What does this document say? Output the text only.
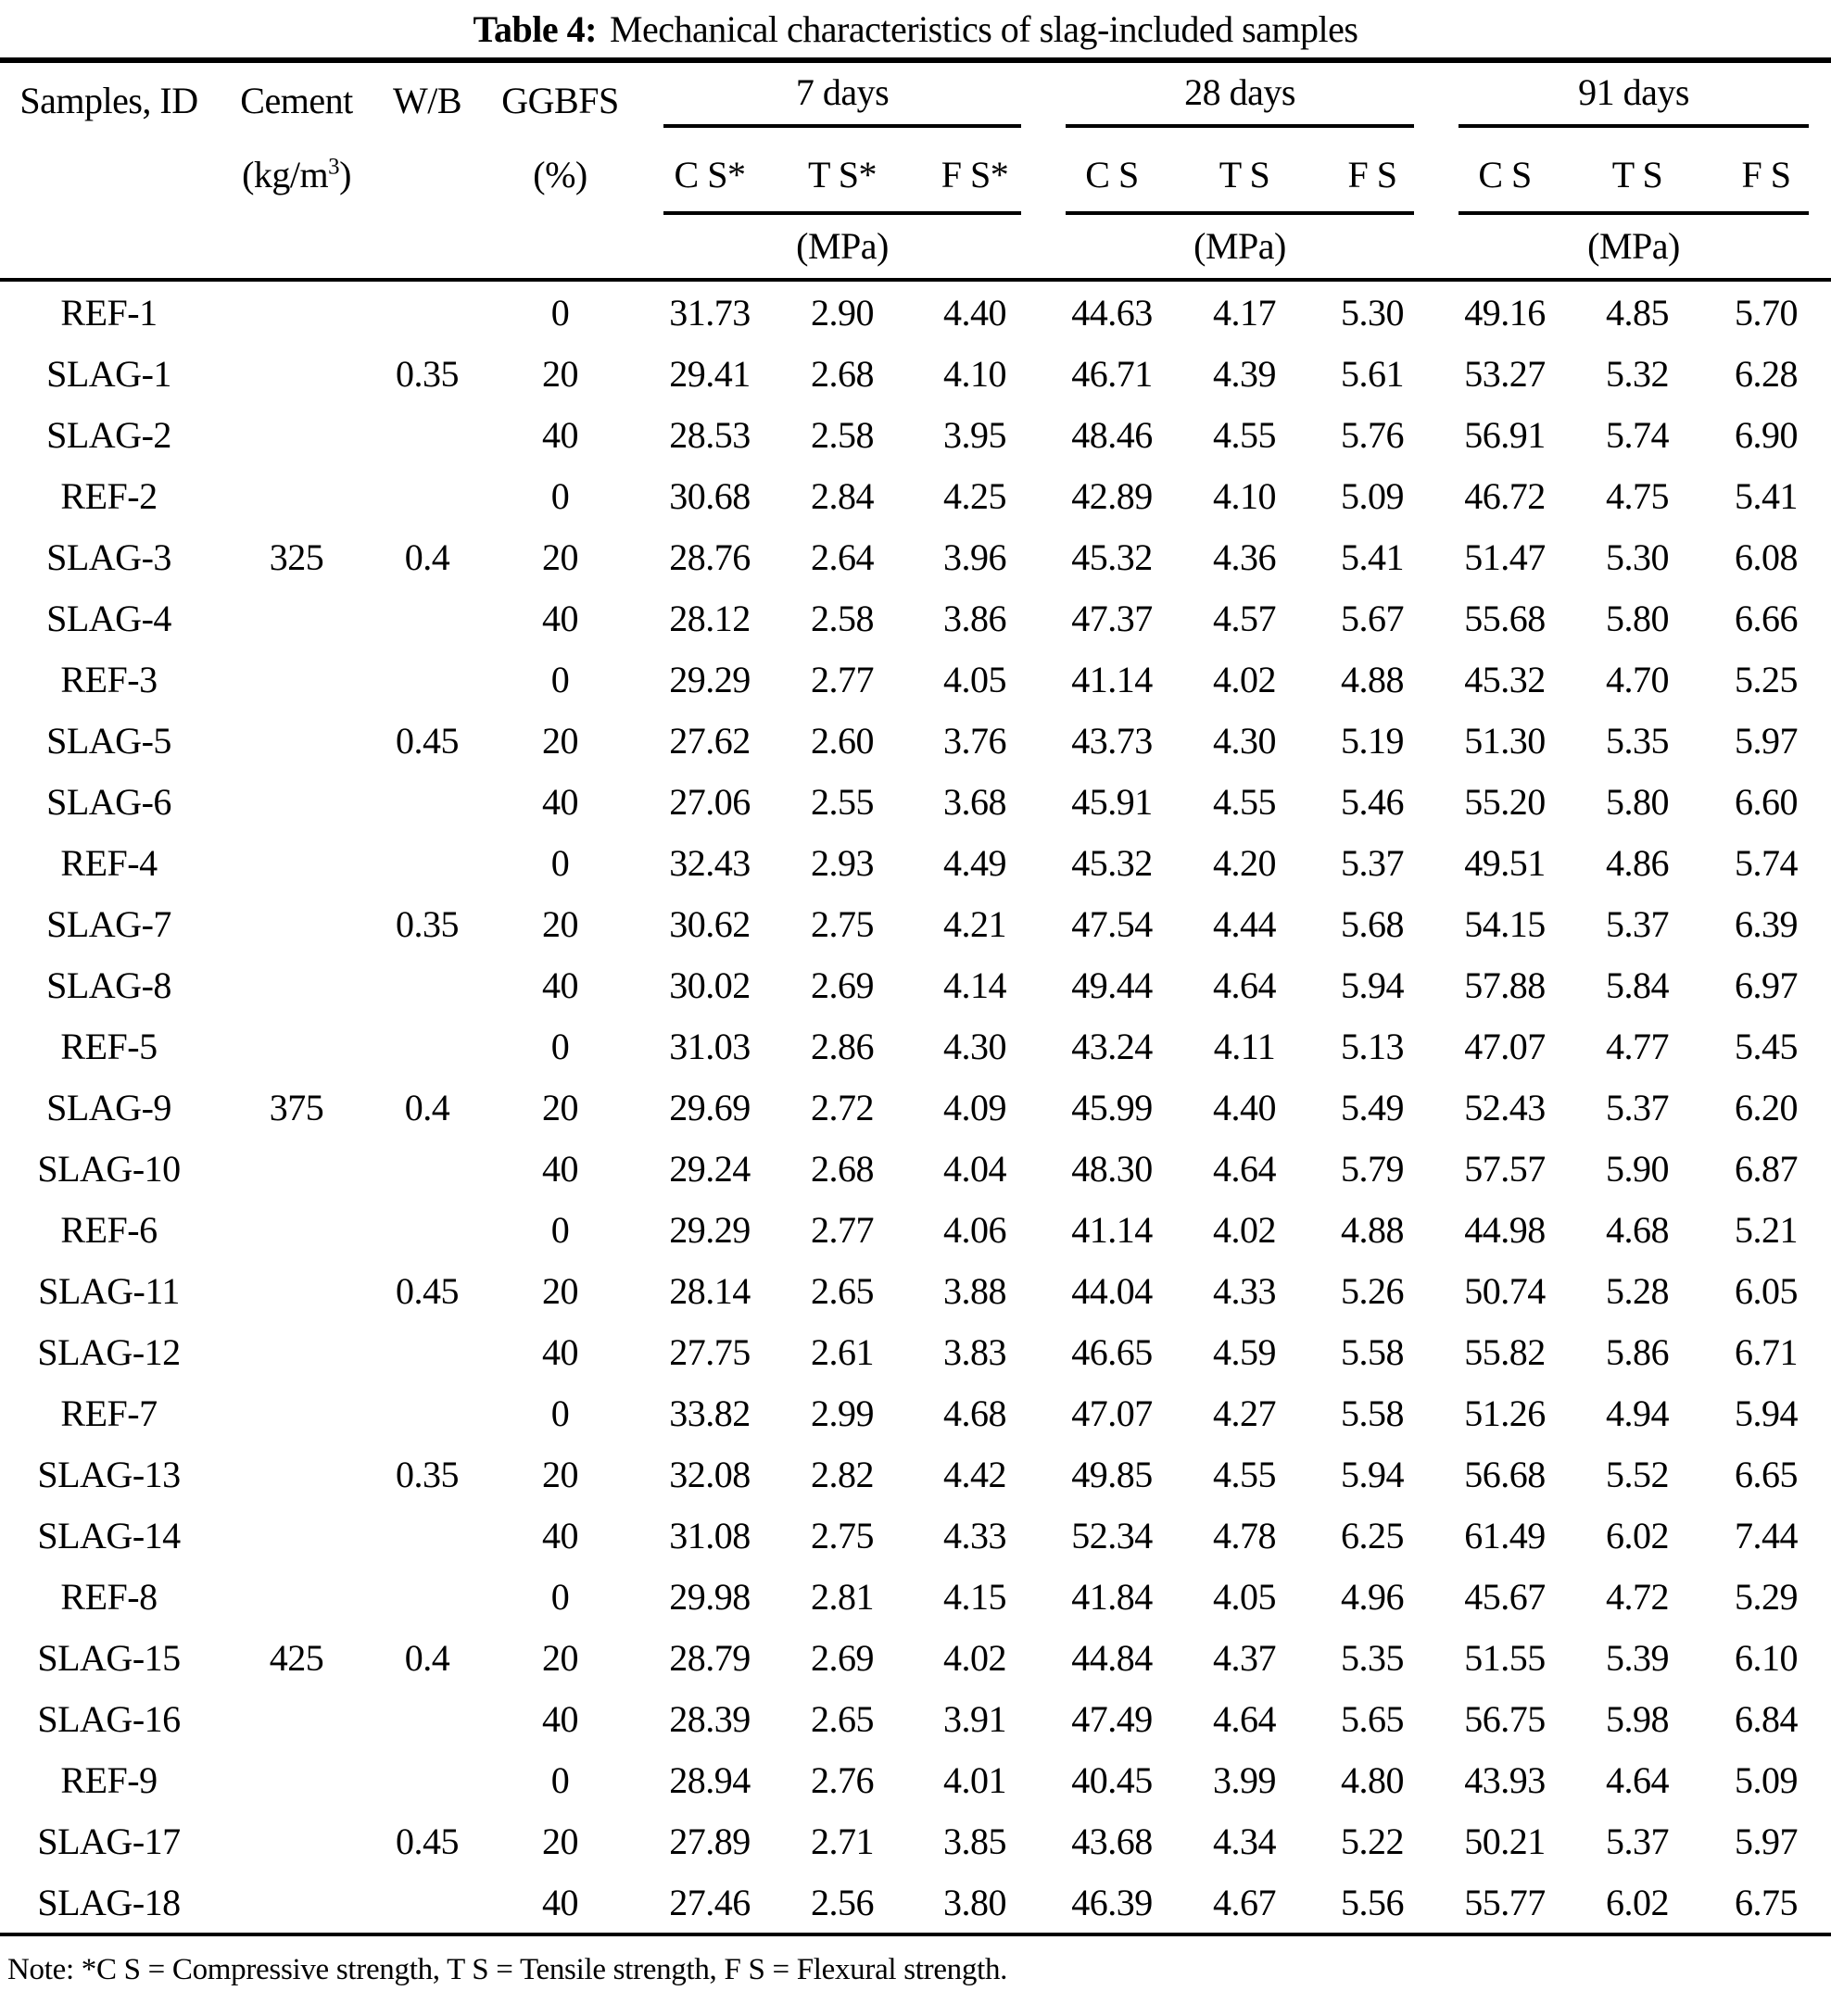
Table 4: Mechanical characteristics of slag-included samples
Samples, ID	Cement	W/B	GGBFS	7 days			28 days			91 days		

	$(kg/m^3)$		(%)	C S*	T S*	F S*	C S	T S	F S	C S	T S	F S

				(MPa)			(MPa)			(MPa)		

REF-1			0	31.73	2.90	4.40	44.63	4.17	5.30	49.16	4.85	5.70
SLAG-1		0.35	20	29.41	2.68	4.10	46.71	4.39	5.61	53.27	5.32	6.28
SLAG-2			40	28.53	2.58	3.95	48.46	4.55	5.76	56.91	5.74	6.90
REF-2			0	30.68	2.84	4.25	42.89	4.10	5.09	46.72	4.75	5.41
SLAG-3	325	0.4	20	28.76	2.64	3.96	45.32	4.36	5.41	51.47	5.30	6.08
SLAG-4			40	28.12	2.58	3.86	47.37	4.57	5.67	55.68	5.80	6.66
REF-3			0	29.29	2.77	4.05	41.14	4.02	4.88	45.32	4.70	5.25
SLAG-5		0.45	20	27.62	2.60	3.76	43.73	4.30	5.19	51.30	5.35	5.97
SLAG-6			40	27.06	2.55	3.68	45.91	4.55	5.46	55.20	5.80	6.60
REF-4			0	32.43	2.93	4.49	45.32	4.20	5.37	49.51	4.86	5.74
SLAG-7		0.35	20	30.62	2.75	4.21	47.54	4.44	5.68	54.15	5.37	6.39
SLAG-8			40	30.02	2.69	4.14	49.44	4.64	5.94	57.88	5.84	6.97
REF-5			0	31.03	2.86	4.30	43.24	4.11	5.13	47.07	4.77	5.45
SLAG-9	375	0.4	20	29.69	2.72	4.09	45.99	4.40	5.49	52.43	5.37	6.20
SLAG-10			40	29.24	2.68	4.04	48.30	4.64	5.79	57.57	5.90	6.87
REF-6			0	29.29	2.77	4.06	41.14	4.02	4.88	44.98	4.68	5.21
SLAG-11		0.45	20	28.14	2.65	3.88	44.04	4.33	5.26	50.74	5.28	6.05
SLAG-12			40	27.75	2.61	3.83	46.65	4.59	5.58	55.82	5.86	6.71
REF-7			0	33.82	2.99	4.68	47.07	4.27	5.58	51.26	4.94	5.94
SLAG-13		0.35	20	32.08	2.82	4.42	49.85	4.55	5.94	56.68	5.52	6.65
SLAG-14			40	31.08	2.75	4.33	52.34	4.78	6.25	61.49	6.02	7.44
REF-8			0	29.98	2.81	4.15	41.84	4.05	4.96	45.67	4.72	5.29
SLAG-15	425	0.4	20	28.79	2.69	4.02	44.84	4.37	5.35	51.55	5.39	6.10
SLAG-16			40	28.39	2.65	3.91	47.49	4.64	5.65	56.75	5.98	6.84
REF-9			0	28.94	2.76	4.01	40.45	3.99	4.80	43.93	4.64	5.09
SLAG-17		0.45	20	27.89	2.71	3.85	43.68	4.34	5.22	50.21	5.37	5.97
SLAG-18			40	27.46	2.56	3.80	46.39	4.67	5.56	55.77	6.02	6.75
Note: *C S = Compressive strength, T S = Tensile strength, F S = Flexural strength.
